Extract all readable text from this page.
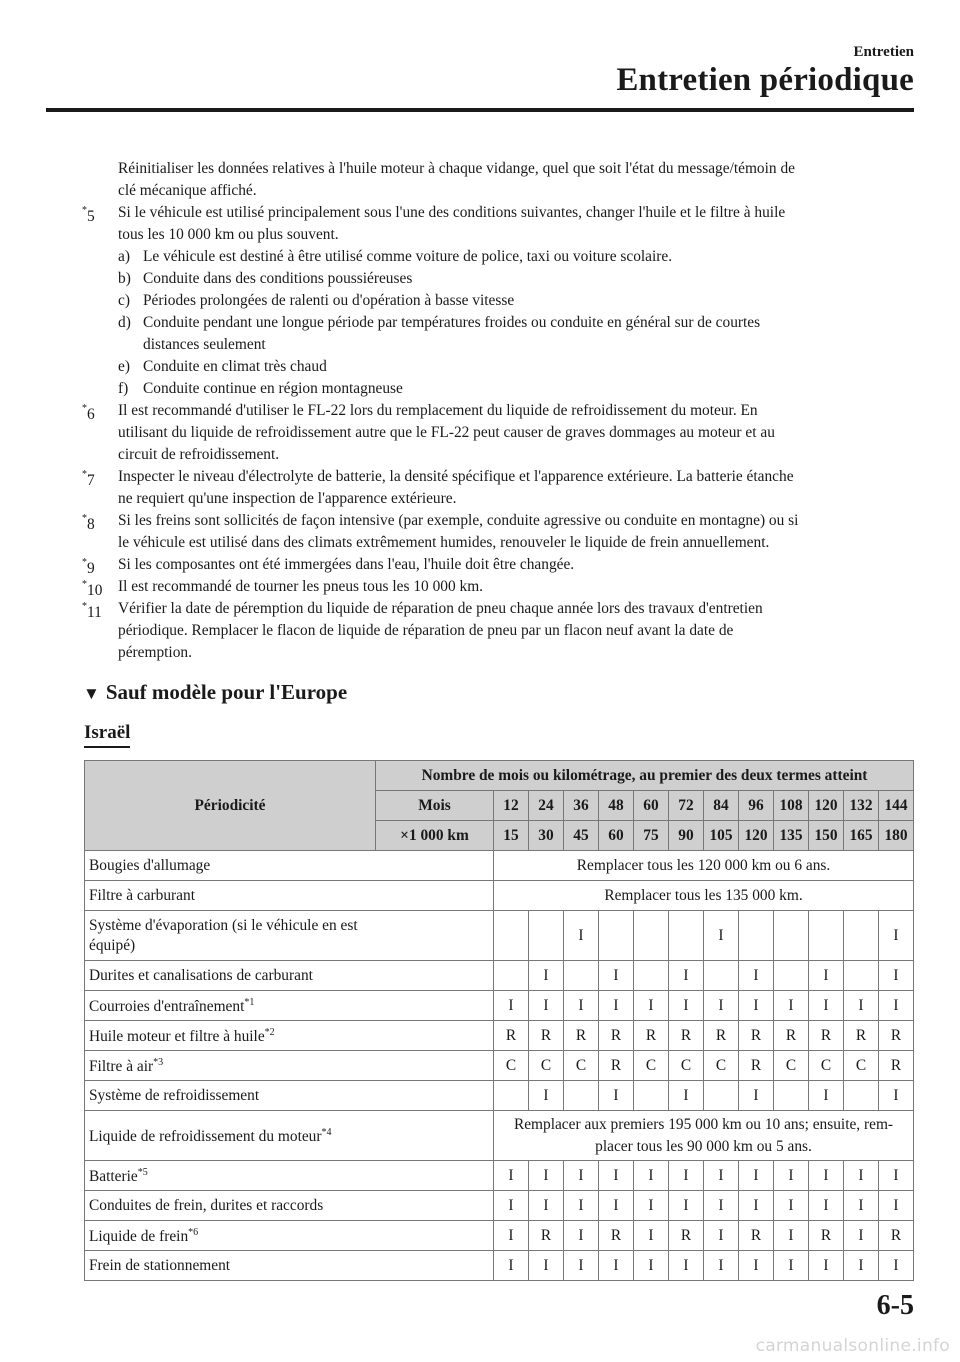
Entretien
Entretien périodique
Réinitialiser les données relatives à l'huile moteur à chaque vidange, quel que soit l'état du message/témoin de
clé mécanique affiché.
*5 Si le véhicule est utilisé principalement sous l'une des conditions suivantes, changer l'huile et le filtre à huile
tous les 10 000 km ou plus souvent.
a) Le véhicule est destiné à être utilisé comme voiture de police, taxi ou voiture scolaire.
b) Conduite dans des conditions poussiéreuses
c) Périodes prolongées de ralenti ou d'opération à basse vitesse
d) Conduite pendant une longue période par températures froides ou conduite en général sur de courtes
distances seulement
e) Conduite en climat très chaud
f) Conduite continue en région montagneuse
*6 Il est recommandé d'utiliser le FL-22 lors du remplacement du liquide de refroidissement du moteur. En
utilisant du liquide de refroidissement autre que le FL-22 peut causer de graves dommages au moteur et au
circuit de refroidissement.
*7 Inspecter le niveau d'électrolyte de batterie, la densité spécifique et l'apparence extérieure. La batterie étanche
ne requiert qu'une inspection de l'apparence extérieure.
*8 Si les freins sont sollicités de façon intensive (par exemple, conduite agressive ou conduite en montagne) ou si
le véhicule est utilisé dans des climats extrêmement humides, renouveler le liquide de frein annuellement.
*9 Si les composantes ont été immergées dans l'eau, l'huile doit être changée.
*10 Il est recommandé de tourner les pneus tous les 10 000 km.
*11 Vérifier la date de péremption du liquide de réparation de pneu chaque année lors des travaux d'entretien
périodique. Remplacer le flacon de liquide de réparation de pneu par un flacon neuf avant la date de
péremption.
▼ Sauf modèle pour l'Europe
Israël
Périodicité	Nombre de mois ou kilométrage, au premier des deux termes atteint												
	Mois	12	24	36	48	60	72	84	96	108	120	132	144
	×1 000 km	15	30	45	60	75	90	105	120	135	150	165	180
Bougies d'allumage		Remplacer tous les 120 000 km ou 6 ans.											
Filtre à carburant		Remplacer tous les 135 000 km.											

Système d'évaporation (si le véhicule en est
équipé)				I				I					I
Durites et canalisations de carburant			I		I		I		I		I		I
Courroies d'entraînement$^{*1}$		I	I	I	I	I	I	I	I	I	I	I	I
Huile moteur et filtre à huile$^{*2}$		R	R	R	R	R	R	R	R	R	R	R	R
Filtre à air$^{*3}$		C	C	C	R	C	C	C	R	C	C	C	R
Système de refroidissement			I		I		I		I		I		I
Liquide de refroidissement du moteur$^{*4}$		Remplacer aux premiers 195 000 km ou 10 ans; ensuite, rem-
placer tous les 90 000 km ou 5 ans.											

Batterie$^{*5}$		I	I	I	I	I	I	I	I	I	I	I	I
Conduites de frein, durites et raccords		I	I	I	I	I	I	I	I	I	I	I	I
Liquide de frein$^{*6}$		I	R	I	R	I	R	I	R	I	R	I	R
Frein de stationnement		I	I	I	I	I	I	I	I	I	I	I	I
6-5
carmanualsonline.info
